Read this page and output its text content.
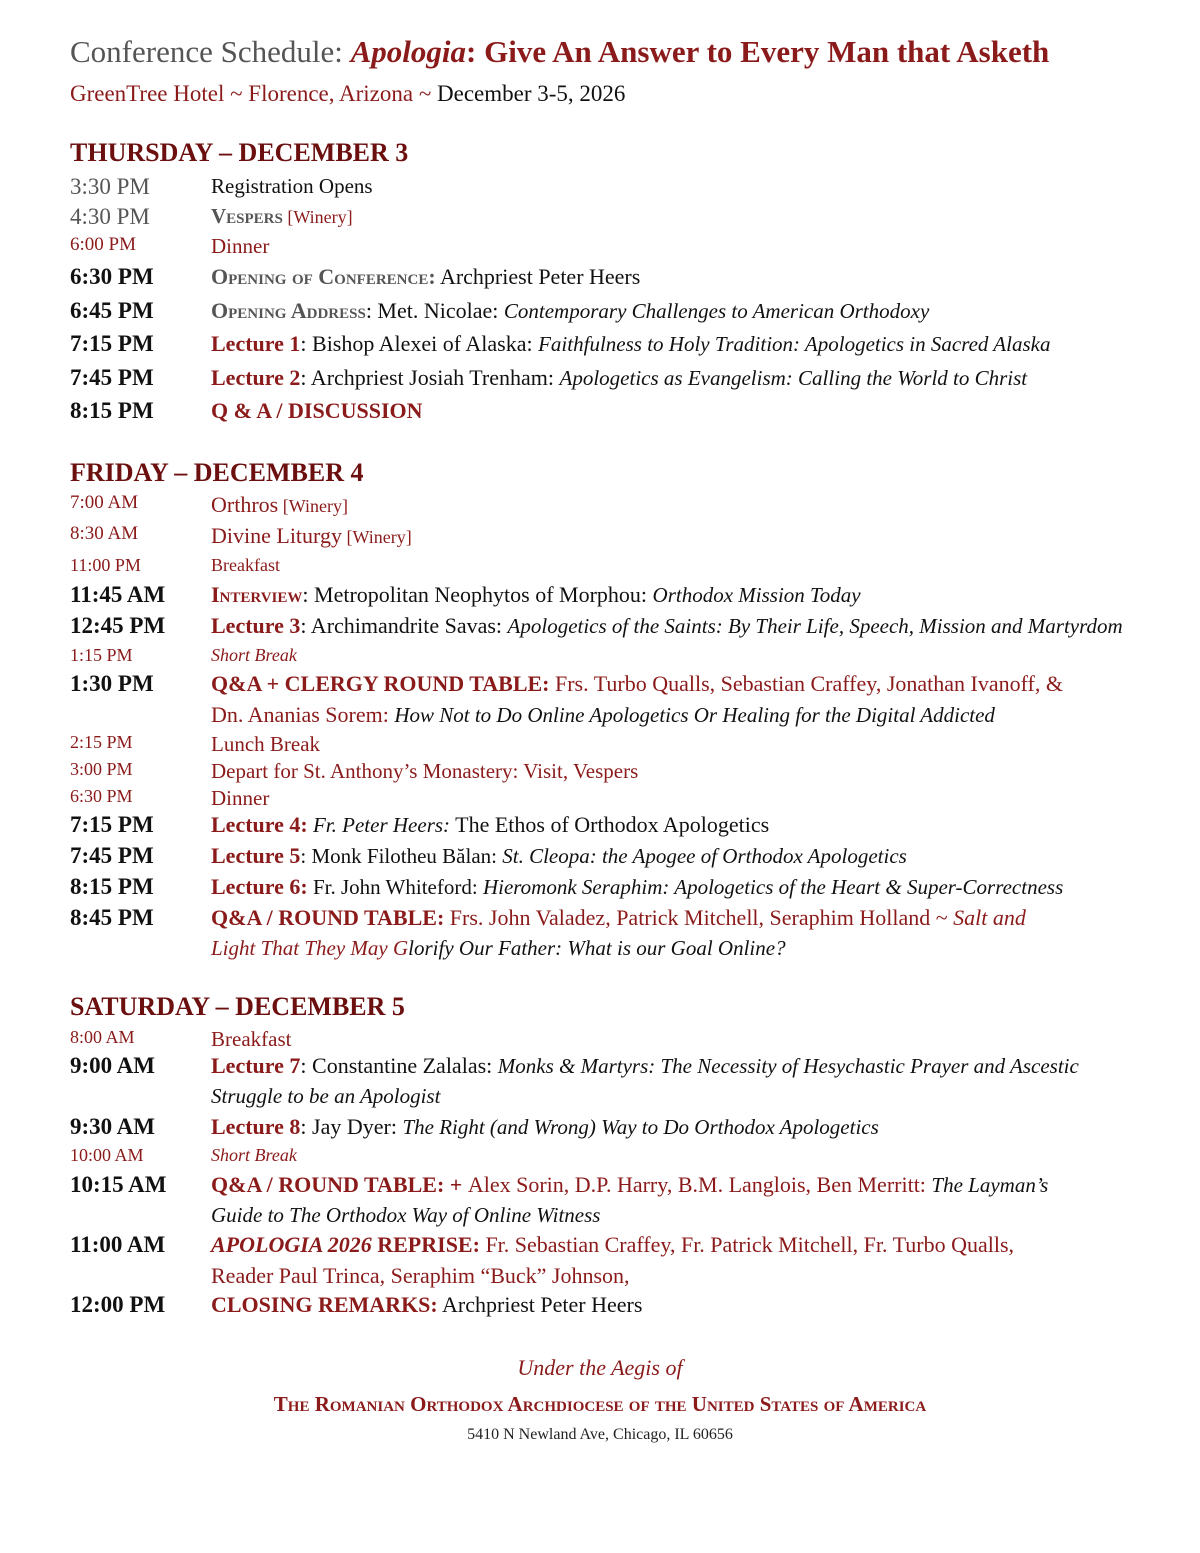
Conference Schedule: Apologia: Give An Answer to Every Man that Asketh
GreenTree Hotel ~ Florence, Arizona ~ December 3-5, 2026
THURSDAY – DECEMBER 3
3:30 PM	Registration Opens
4:30 PM	Vespers [Winery]
6:00 PM	Dinner
6:30 PM	Opening of Conference: Archpriest Peter Heers
6:45 PM	Opening Address: Met. Nicolae: Contemporary Challenges to American Orthodoxy
7:15 PM	Lecture 1: Bishop Alexei of Alaska: Faithfulness to Holy Tradition: Apologetics in Sacred Alaska
7:45 PM	Lecture 2: Archpriest Josiah Trenham: Apologetics as Evangelism: Calling the World to Christ
8:15 PM	Q & A / DISCUSSION
FRIDAY – DECEMBER 4
7:00 AM	Orthros [Winery]
8:30 AM	Divine Liturgy [Winery]
11:00 PM	Breakfast
11:45 AM Interview: Metropolitan Neophytos of Morphou: Orthodox Mission Today
12:45 PM Lecture 3: Archimandrite Savas: Apologetics of the Saints: By Their Life, Speech, Mission and Martyrdom
1:15 PM	Short Break
1:30 PM	Q&A + CLERGY ROUND TABLE: Frs. Turbo Qualls, Sebastian Craffey, Jonathan Ivanoff, &
Dn. Ananias Sorem: How Not to Do Online Apologetics Or Healing for the Digital Addicted
2:15 PM	Lunch Break
3:00 PM	Depart for St. Anthony’s Monastery: Visit, Vespers
6:30 PM	Dinner
7:15 PM	Lecture 4: Fr. Peter Heers: The Ethos of Orthodox Apologetics
7:45 PM	Lecture 5: Monk Filotheu Bălan: St. Cleopa: the Apogee of Orthodox Apologetics
8:15 PM	Lecture 6: Fr. John Whiteford: Hieromonk Seraphim: Apologetics of the Heart & Super-Correctness
8:45 PM	Q&A / ROUND TABLE: Frs. John Valadez, Patrick Mitchell, Seraphim Holland ~ Salt and
Light That They May Glorify Our Father: What is our Goal Online?
SATURDAY – DECEMBER 5
8:00 AM	Breakfast
9:00 AM	Lecture 7: Constantine Zalalas: Monks & Martyrs: The Necessity of Hesychastic Prayer and Ascestic
Struggle to be an Apologist
9:30 AM	Lecture 8: Jay Dyer: The Right (and Wrong) Way to Do Orthodox Apologetics
10:00 AM	Short Break
10:15 AM Q&A / ROUND TABLE: + Alex Sorin, D.P. Harry, B.M. Langlois, Ben Merritt: The Layman’s
Guide to The Orthodox Way of Online Witness
11:00 AM APOLOGIA 2026 REPRISE: Fr. Sebastian Craffey, Fr. Patrick Mitchell, Fr. Turbo Qualls,
Reader Paul Trinca, Seraphim “Buck” Johnson,
12:00 PM CLOSING REMARKS: Archpriest Peter Heers
Under the Aegis of
The Romanian Orthodox Archdiocese of the United States of America
5410 N Newland Ave, Chicago, IL 60656
